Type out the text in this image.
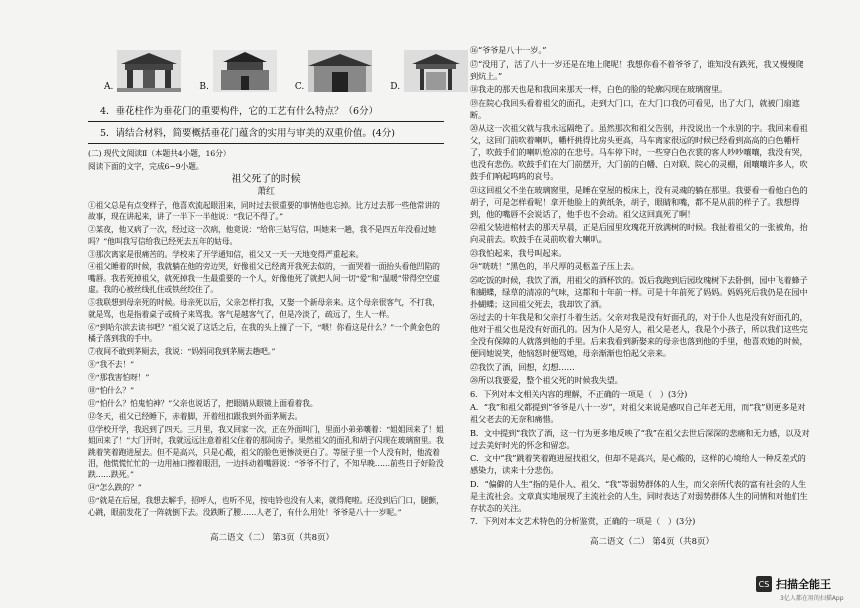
A.	B.	C.	D.
4．垂花柱作为垂花门的重要构件，它的工艺有什么特点？（6分）
5．请结合材料，简要概括垂花门蕴含的实用与审美的双重价值。(4分)

(二) 现代文阅读Ⅱ（本题共4小题，16分）

阅读下面的文字，完成6~9小题。

祖父死了的时候

萧红

①祖父总是有点变样子，他喜欢流起眼泪来，同时过去很重要的事情他也忘掉。比方过去那一些他常讲的故事，现在讲起来，讲了一半下一半他说：“我记不得了。”

②某夜，他又病了一次，经过这一次病，他竟说：“给你三姑写信，叫她来一趟，我不是四五年没看过她吗？”他叫我写信给我已经死去五年的姑母。

③那次离家是很痛苦的。学校来了开学通知信，祖父又一天一天地变得严重起来。

④祖父睡着的时候，我就躺在他的旁边哭，好像祖父已经离开我死去似的，一面哭着一面抬头看他凹陷的嘴唇。我若死掉祖父，就死掉我一生最重要的一个人，好像他死了就把人间一切“爱”和“温暖”带得空空虚虚。我的心被丝线扎住或铁丝绞住了。

⑤我联想到母亲死的时候。母亲死以后，父亲怎样打我，又娶一个新母亲来。这个母亲很客气，不打我，就是骂，也是指着桌子或椅子来骂我。客气是越客气了，但是冷淡了，疏远了，生人一样。

⑥“到哈尔滨去读书吧？”祖父说了这话之后，在我的头上撞了一下，“喂！你看这是什么？”一个黄金色的橘子落到我的手中。

⑦夜间不敢到茅厕去，我说：“妈妈同我到茅厕去趟吧。”

⑧“我不去！”

⑨“那我害怕呀！”

⑩“怕什么？”

⑪“怕什么？怕鬼怕神？”父亲也说话了，把眼睛从眼镜上面看着我。

⑫冬天，祖父已经睡下，赤着脚，开着纽扣跟我到外面茅厕去。

⑬学校开学，我迟到了四天。三月里，我又回家一次，正在外面叫门，里面小弟弟嚷着：“姐姐回来了！姐姐回来了！”大门开时，我就远远注意着祖父住着的那间房子。果然祖父的面孔和胡子闪现在玻璃窗里。我跳着笑着跑进屋去。但不是高兴，只是心酸，祖父的脸色更惨淡更白了。等屋子里一个人没有时，他流着泪，他慌慌忙忙的一边用袖口擦着眼泪，一边抖动着嘴唇说：“爷爷不行了，不知早晚……前些日子好险没跌……跌死。”

⑭“怎么跌的？”

⑮“就是在后屋，我想去解手，招呼人，也听不见，按电铃也没有人来，就得爬啦。还没到后门口，腿颤，心跳，眼前发花了一阵就倒下去。没跌断了腰……人老了，有什么用处！爷爷是八十一岁呢。”

高二语文（二） 第3页（共8页）

⑯“爷爷是八十一岁。”

⑰“没用了，活了八十一岁还是在地上爬呢！我想你看不着爷爷了，谁知没有跌死，我又慢慢爬到炕上。”

⑱我走的那天也是和我回来那天一样，白色的脸的轮廓闪现在玻璃窗里。

⑲在院心我回头看着祖父的面孔，走到大门口，在大门口我仍可看见，出了大门，就被门扇遮断。

⑳从这一次祖父就与我永远隔绝了。虽然那次和祖父告别，并没说出一个永别的字。我回来看祖父，这回门前吹着喇叭，幡杆挑得比房头更高，马车离家很远的时候已经看到高高的白色幡杆了，吹鼓手们的喇叭怆凉的在悲号。马车停下时，一些穿白色衣裳的客人吵吵嚷嚷，我没有哭，也没有悲伤。吹鼓手们在大门前摆开，大门前的白幡、白对联、院心的灵棚，闹嚷嚷许多人，吹鼓手们响起呜呜的哀号。

㉑这回祖父不坐在玻璃窗里，是睡在堂屋的板床上，没有灵魂的躺在那里。我要看一看他白色的胡子，可是怎样看呢！拿开他脸上的黄纸条，胡子，眼睛和嘴，都不是从前的样子了。我想得到，他的嘴唇不会说话了，他手也不会动。祖父这回真死了啊！

㉒祖父装进棺材去的那天早晨，正是后园里玫瑰花开放满树的时候。我扯着祖父的一张被角，抬向灵前去。吹鼓手在灵前吹着大喇叭。

㉓我怕起来，我号叫起来。

㉔“咣咣！”黑色的，半尺厚的灵柩盖子压上去。

㉕吃饭的时候，我饮了酒，用祖父的酒杯饮的。饭后我跑到后园玫瑰树下去卧倒，园中飞着蜂子和蝴蝶，绿草的清凉的气味，这都和十年前一样。可是十年前死了妈妈。妈妈死后我仍是在园中扑蝴蝶；这回祖父死去，我却饮了酒。

㉖过去的十年我是和父亲打斗着生活。父亲对我是没有好面孔的，对于仆人也是没有好面孔的，他对于祖父也是没有好面孔的。因为仆人是穷人，祖父是老人，我是个小孩子，所以我们这些完全没有保障的人就落到他的手里。后来我看到新娶来的母亲也落到他的手里，他喜欢她的时候，便同她说笑，他恼怒时便骂她，母亲渐渐也怕起父亲来。

㉗我饮了酒，回想，幻想……

㉘所以我要爱，整个祖父死的时候我失望。

6．下列对本文相关内容的理解，不正确的一项是（　）(3分)

A．“我”和祖父都提到“爷爷是八十一岁”，对祖父来说是感叹自己年老无用，而“我”则更多是对祖父老去的无奈和痛惜。

B．文中提到“我饮了酒，这一行为更多地反映了“我”在祖父去世后深深的悲痛和无力感，以及对过去美好时光的怀念和留恋。

C．文中“我”跳着笑着跑进屋找祖父，但却不是高兴，是心酸的，这样的心境给人一种反差式的感染力，读来十分悲伤。

D．“偏僻的人生”指的是仆人、祖父、“我”等弱势群体的人生，而父亲所代表的富有社会的人生是主流社会。文章真实地展现了主流社会的人生，同时表达了对弱势群体人生的同情和对他们生存状态的关注。

7．下列对本文艺术特色的分析鉴赏，正确的一项是（　）(3分)

高二语文（二） 第4页（共8页）
CS 扫描全能王
3亿人都在用的扫描App
